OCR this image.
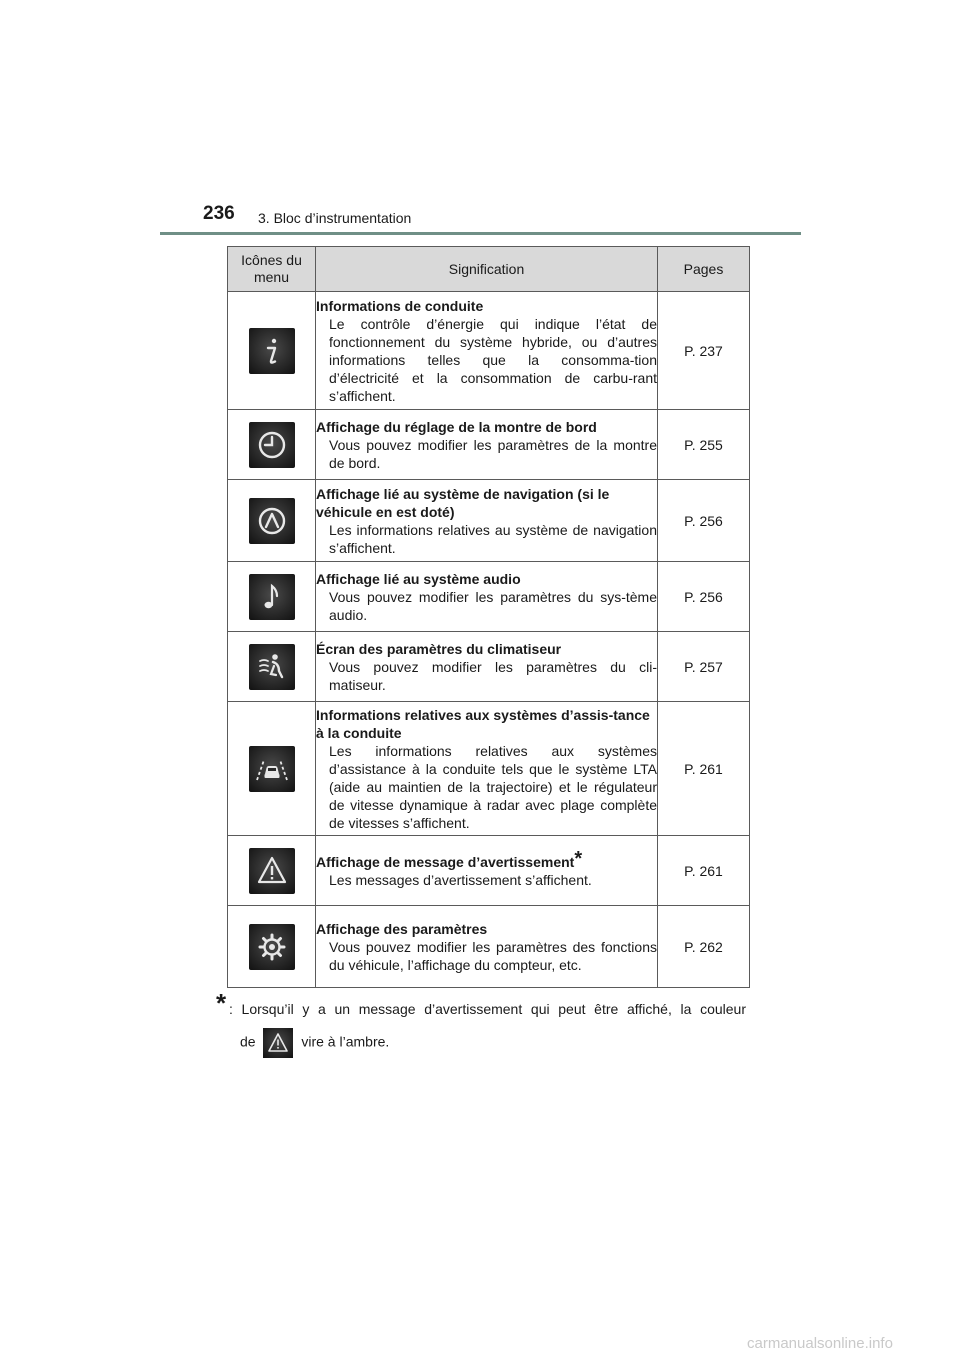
236 3. Bloc d’instrumentation
Icônes du menu	Signification	Pages

Informations de conduite
Le contrôle d’énergie qui indique l’état de fonctionnement du système hybride, ou d’autres informations telles que la consomma-tion d’électricité et la consommation de carbu-rant s’affichent.	P. 237

Affichage du réglage de la montre de bord
Vous pouvez modifier les paramètres de la montre de bord.	P. 255

Affichage lié au système de navigation (si le véhicule en est doté)
Les informations relatives au système de navigation s’affichent.	P. 256

Affichage lié au système audio
Vous pouvez modifier les paramètres du sys-tème audio.	P. 256

Écran des paramètres du climatiseur
Vous pouvez modifier les paramètres du cli-matiseur.	P. 257

Informations relatives aux systèmes d’assis-tance à la conduite
Les informations relatives aux systèmes d’assistance à la conduite tels que le système LTA (aide au maintien de la trajectoire) et le régulateur de vitesse dynamique à radar avec plage complète de vitesses s’affichent.	P. 261

Affichage de message d’avertissement*
Les messages d’avertissement s’affichent.	P. 261

Affichage des paramètres
Vous pouvez modifier les paramètres des fonctions du véhicule, l’affichage du compteur, etc.	P. 262
* : Lorsqu’il y a un message d’avertissement qui peut être affiché, la couleur
de	vire à l’ambre.
carmanualsonline.info
